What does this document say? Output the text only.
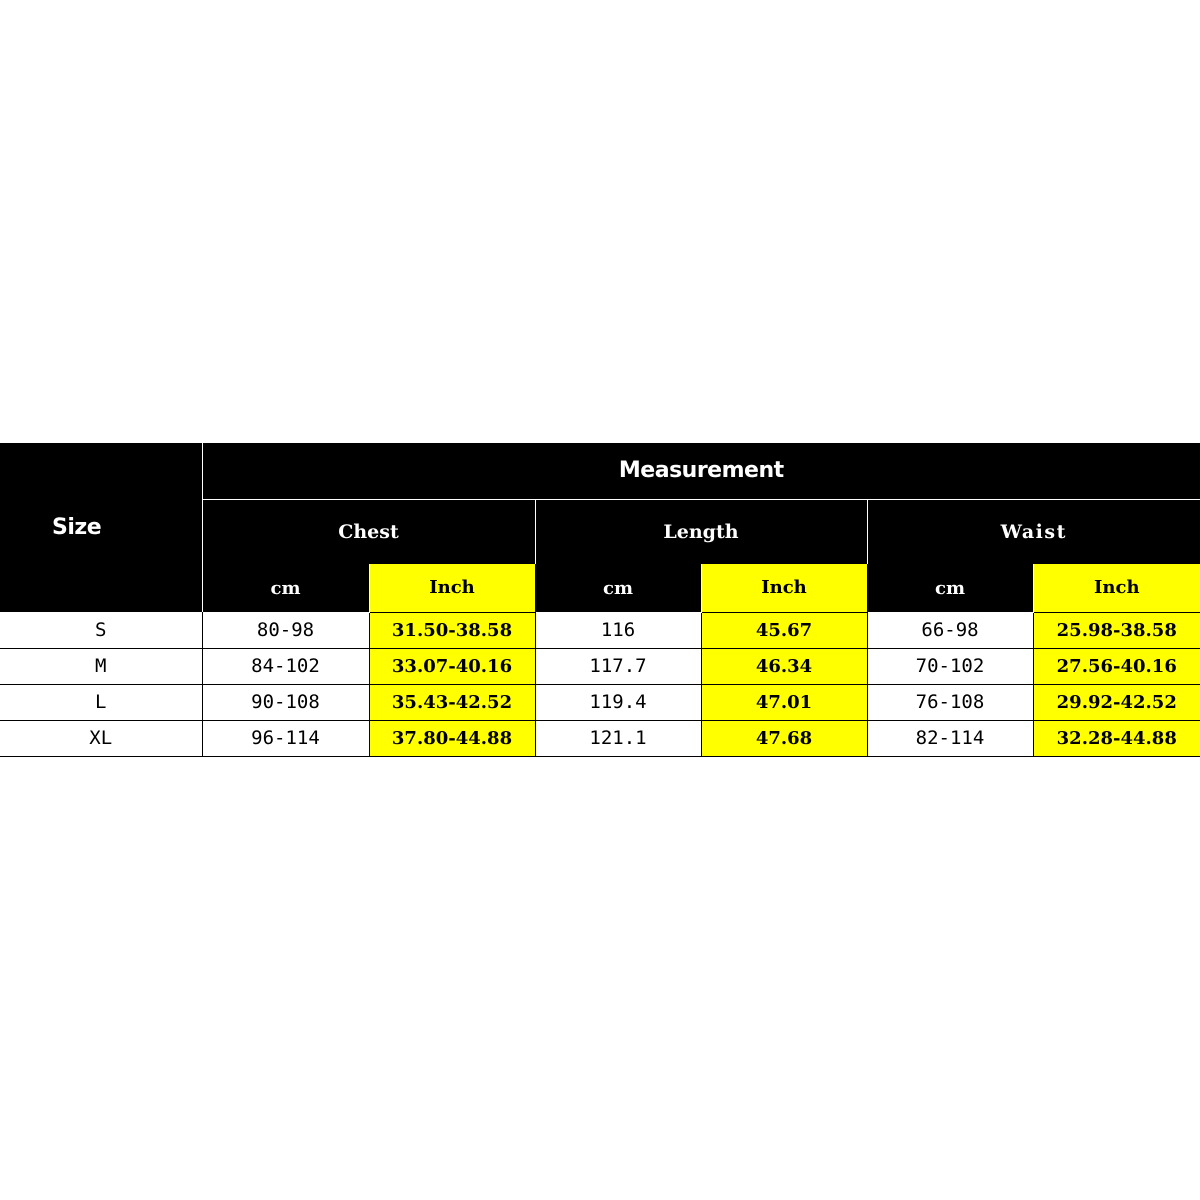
Size	Measurement					
	Chest		Length		Waist	
	cm	Inch	cm	Inch	cm	Inch
S	80-98	31.50-38.58	116	45.67	66-98	25.98-38.58
M	84-102	33.07-40.16	117.7	46.34	70-102	27.56-40.16
L	90-108	35.43-42.52	119.4	47.01	76-108	29.92-42.52
XL	96-114	37.80-44.88	121.1	47.68	82-114	32.28-44.88
